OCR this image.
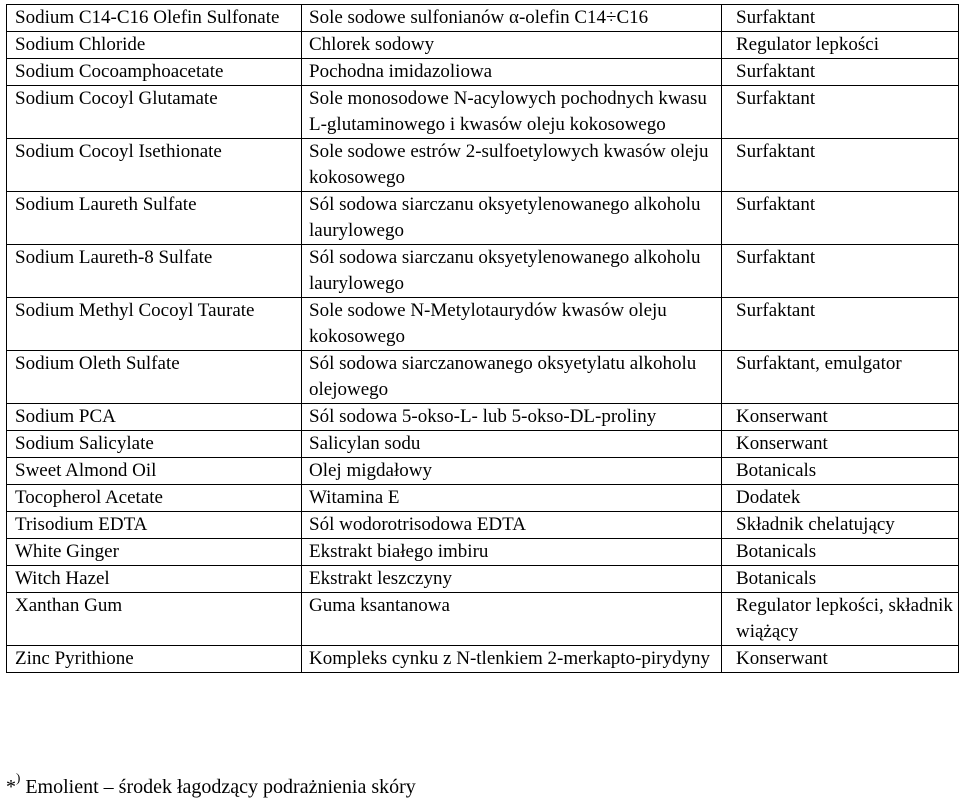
Sodium C14-C16 Olefin Sulfonate	Sole sodowe sulfonianów α-olefin C14÷C16	Surfaktant
Sodium Chloride	Chlorek sodowy	Regulator lepkości
Sodium Cocoamphoacetate	Pochodna imidazoliowa	Surfaktant
Sodium Cocoyl Glutamate	Sole monosodowe N-acylowych pochodnych kwasu L-glutaminowego i kwasów oleju kokosowego	Surfaktant
Sodium Cocoyl Isethionate	Sole sodowe estrów 2-sulfoetylowych kwasów oleju kokosowego	Surfaktant
Sodium Laureth Sulfate	Sól sodowa siarczanu oksyetylenowanego alkoholu laurylowego	Surfaktant
Sodium Laureth-8 Sulfate	Sól sodowa siarczanu oksyetylenowanego alkoholu laurylowego	Surfaktant
Sodium Methyl Cocoyl Taurate	Sole sodowe N-Metylotaurydów kwasów oleju kokosowego	Surfaktant
Sodium Oleth Sulfate	Sól sodowa siarczanowanego oksyetylatu alkoholu olejowego	Surfaktant, emulgator
Sodium PCA	Sól sodowa 5-okso-L- lub 5-okso-DL-proliny	Konserwant
Sodium Salicylate	Salicylan sodu	Konserwant
Sweet Almond Oil	Olej migdałowy	Botanicals
Tocopherol Acetate	Witamina E	Dodatek
Trisodium EDTA	Sól wodorotrisodowa EDTA	Składnik chelatujący
White Ginger	Ekstrakt białego imbiru	Botanicals
Witch Hazel	Ekstrakt leszczyny	Botanicals
Xanthan Gum	Guma ksantanowa	Regulator lepkości, składnik wiążący
Zinc Pyrithione	Kompleks cynku z N-tlenkiem 2-merkapto-pirydyny	Konserwant
*) Emolient – środek łagodzący podrażnienia skóry
